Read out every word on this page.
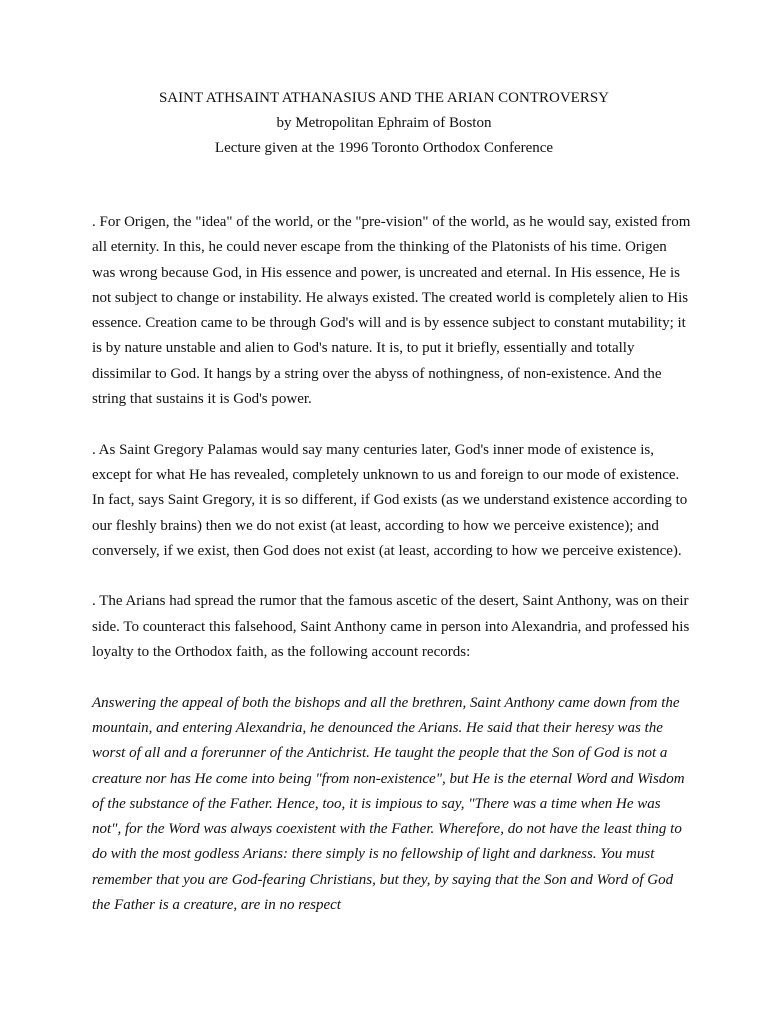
SAINT ATHSAINT ATHANASIUS AND THE ARIAN CONTROVERSY
by Metropolitan Ephraim of Boston
Lecture given at the 1996 Toronto Orthodox Conference

. For Origen, the "idea" of the world, or the "pre-vision" of the world, as he would say, existed from all eternity. In this, he could never escape from the thinking of the Platonists of his time. Origen was wrong because God, in His essence and power, is uncreated and eternal. In His essence, He is not subject to change or instability. He always existed. The created world is completely alien to His essence. Creation came to be through God's will and is by essence subject to constant mutability; it is by nature unstable and alien to God's nature. It is, to put it briefly, essentially and totally dissimilar to God. It hangs by a string over the abyss of nothingness, of non-existence. And the string that sustains it is God's power.

. As Saint Gregory Palamas would say many centuries later, God's inner mode of existence is, except for what He has revealed, completely unknown to us and foreign to our mode of existence. In fact, says Saint Gregory, it is so different, if God exists (as we understand existence according to our fleshly brains) then we do not exist (at least, according to how we perceive existence); and conversely, if we exist, then God does not exist (at least, according to how we perceive existence).

. The Arians had spread the rumor that the famous ascetic of the desert, Saint Anthony, was on their side. To counteract this falsehood, Saint Anthony came in person into Alexandria, and professed his loyalty to the Orthodox faith, as the following account records:

Answering the appeal of both the bishops and all the brethren, Saint Anthony came down from the mountain, and entering Alexandria, he denounced the Arians. He said that their heresy was the worst of all and a forerunner of the Antichrist. He taught the people that the Son of God is not a creature nor has He come into being "from non-existence", but He is the eternal Word and Wisdom of the substance of the Father. Hence, too, it is impious to say, "There was a time when He was not", for the Word was always coexistent with the Father. Wherefore, do not have the least thing to do with the most godless Arians: there simply is no fellowship of light and darkness. You must remember that you are God-fearing Christians, but they, by saying that the Son and Word of God the Father is a creature, are in no respect
